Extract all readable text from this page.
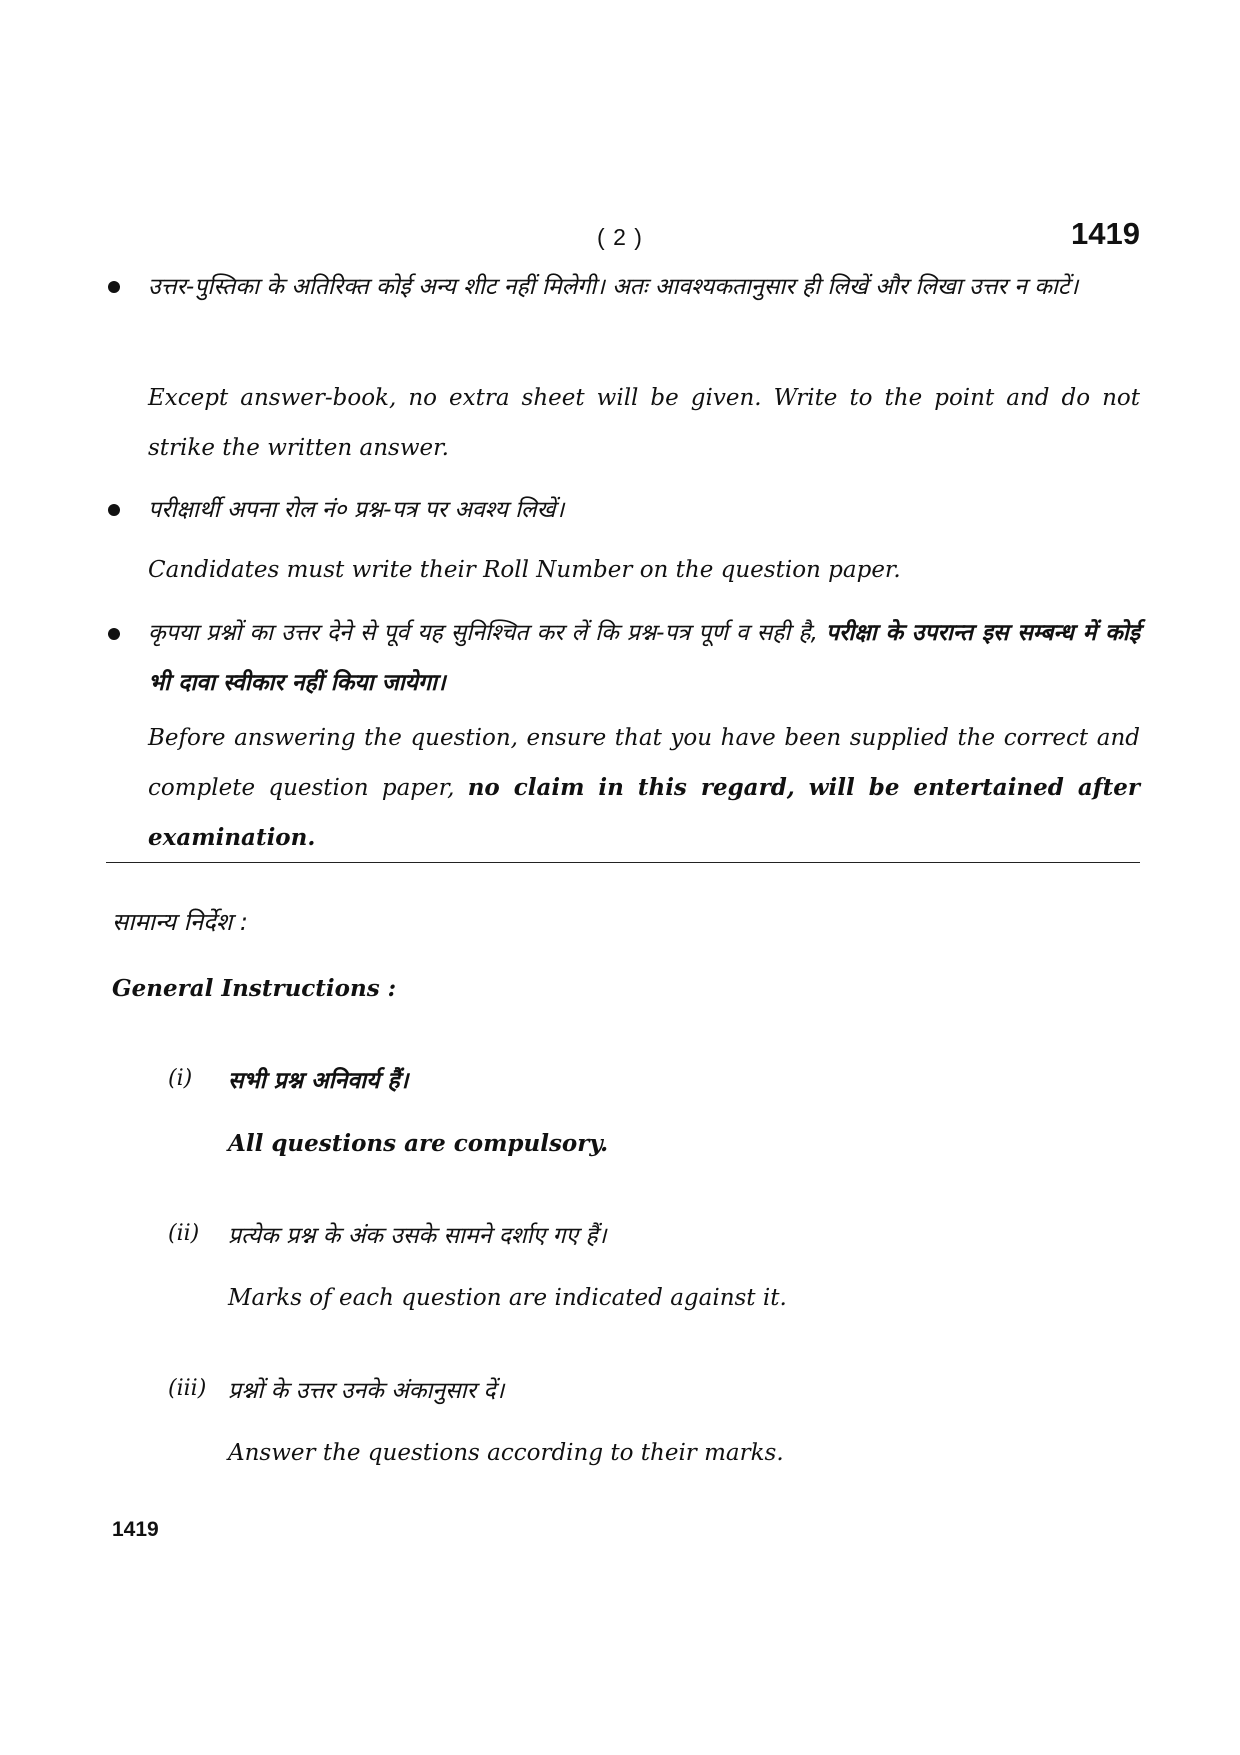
( 2 )	1419
उत्तर-पुस्तिका के अतिरिक्त कोई अन्य शीट नहीं मिलेगी। अतः आवश्यकतानुसार ही लिखें और लिखा उत्तर न काटें।
Except answer-book, no extra sheet will be given. Write to the point and do not strike the written answer.
परीक्षार्थी अपना रोल नं० प्रश्न-पत्र पर अवश्य लिखें।
Candidates must write their Roll Number on the question paper.
कृपया प्रश्नों का उत्तर देने से पूर्व यह सुनिश्चित कर लें कि प्रश्न-पत्र पूर्ण व सही है, परीक्षा के उपरान्त इस सम्बन्ध में कोई भी दावा स्वीकार नहीं किया जायेगा।
Before answering the question, ensure that you have been supplied the correct and complete question paper, no claim in this regard, will be entertained after examination.
सामान्य निर्देश :
General Instructions :
(i) सभी प्रश्न अनिवार्य हैं।
All questions are compulsory.
(ii) प्रत्येक प्रश्न के अंक उसके सामने दर्शाए गए हैं।
Marks of each question are indicated against it.
(iii) प्रश्नों के उत्तर उनके अंकानुसार दें।
Answer the questions according to their marks.
1419
